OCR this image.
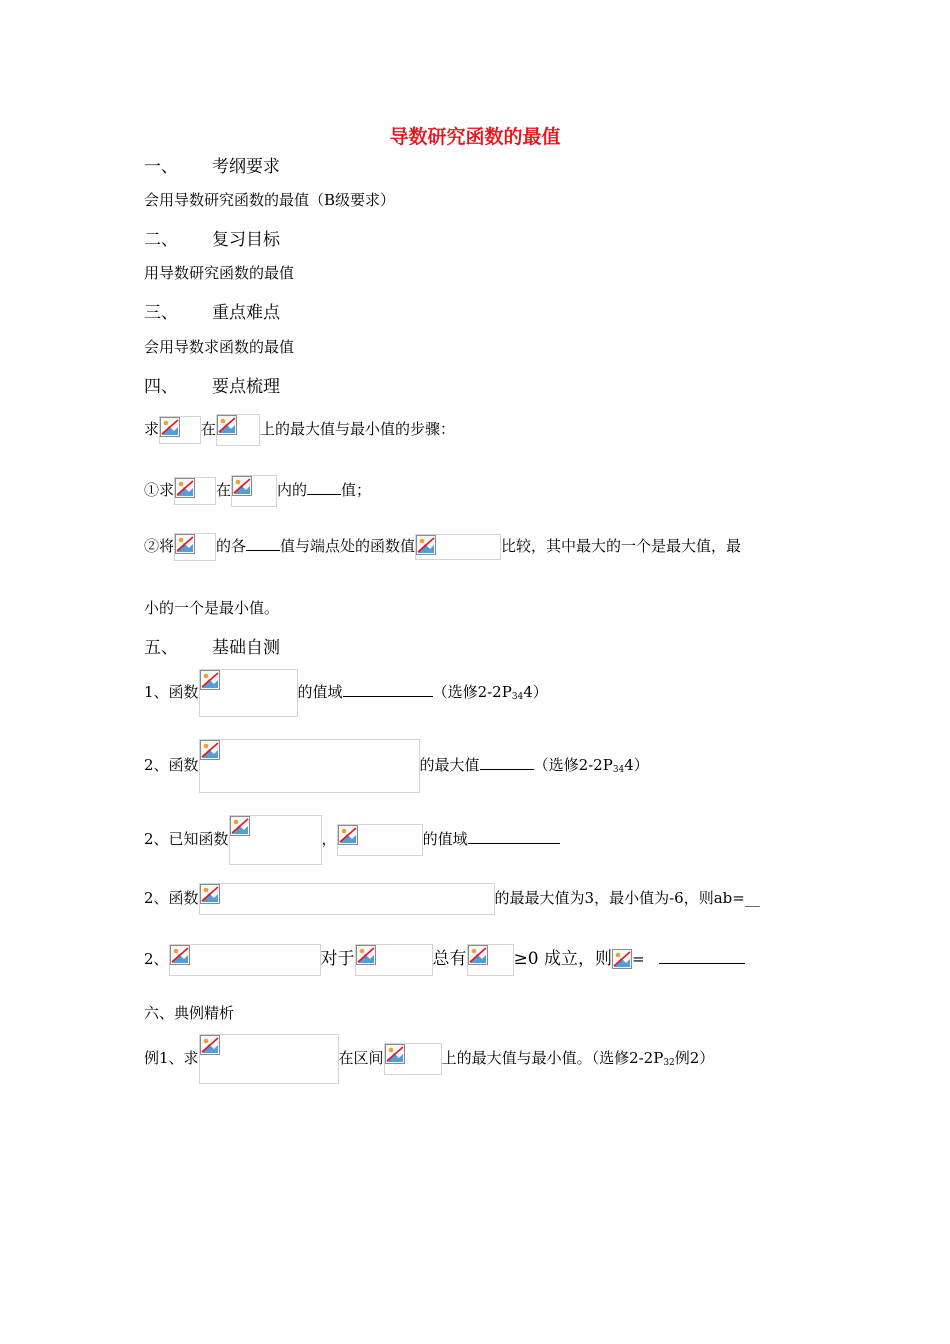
导数研究函数的最值
一、 考纲要求
会用导数研究函数的最值（B级要求）
二、 复习目标
用导数研究函数的最值
三、 重点难点
会用导数求函数的最值
四、 要点梳理
求	在	上的最大值与最小值的步骤：
①求	在	内的 值；
②将	的各 值与端点处的函数值	比较，其中最大的一个是最大值，最
小的一个是最小值。
五、 基础自测
1、函数	的值域	（选修$2-2P_{34}4$）
2、函数	的最大值	（选修$2-2P_{34}4$）
2、已知函数	，	的值域
2、函数	的最最大值为3，最小值为-6，则ab=__
2、	对于	总有	≥0 成立，则 =
六、典例精析
例1、求	在区间	上的最大值与最小值。（选修$2-2P_{32}$例2）
